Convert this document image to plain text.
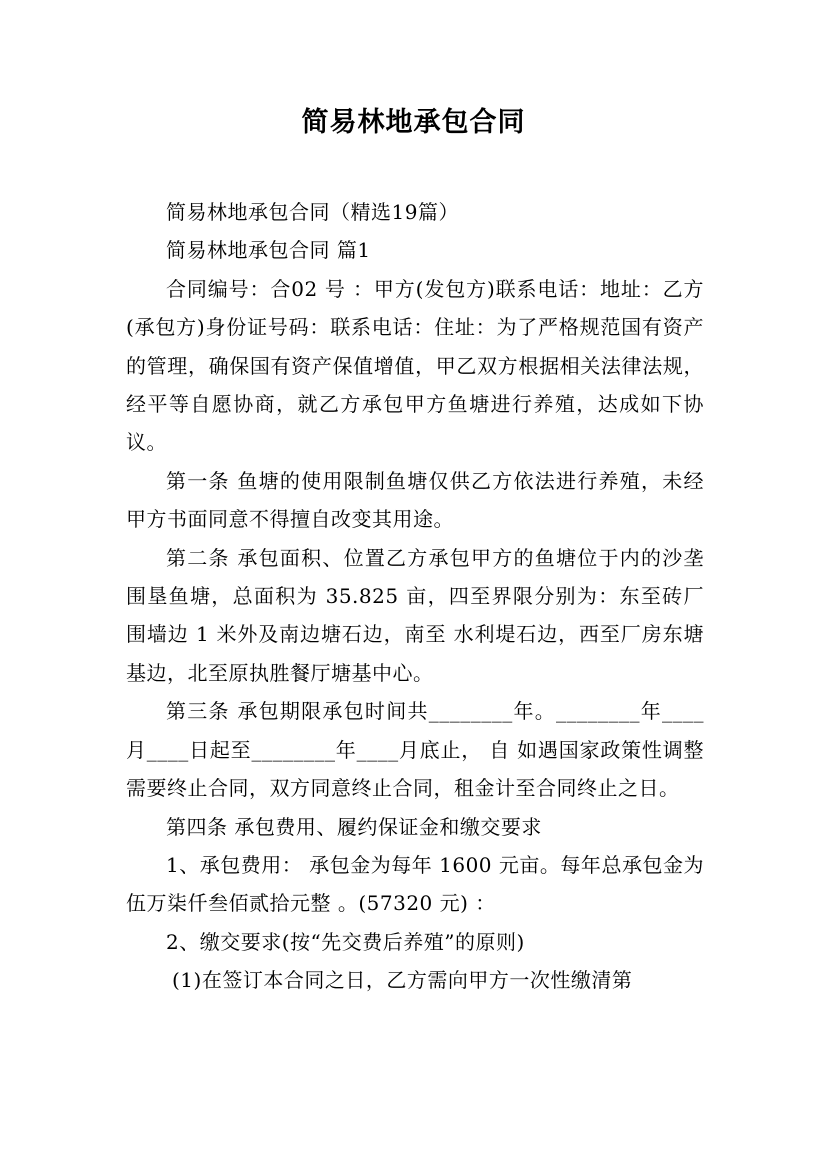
简易林地承包合同

简易林地承包合同（精选19篇）

简易林地承包合同 篇1

合同编号：合02 号 ：甲方(发包方)联系电话：地址：乙方(承包方)身份证号码：联系电话：住址：为了严格规范国有资产的管理，确保国有资产保值增值，甲乙双方根据相关法律法规，经平等自愿协商，就乙方承包甲方鱼塘进行养殖，达成如下协议。

第一条 鱼塘的使用限制鱼塘仅供乙方依法进行养殖，未经甲方书面同意不得擅自改变其用途。

第二条 承包面积、位置乙方承包甲方的鱼塘位于内的沙垄围垦鱼塘，总面积为 35.825 亩，四至界限分别为：东至砖厂围墙边 1 米外及南边塘石边，南至 水利堤石边，西至厂房东塘基边，北至原执胜餐厅塘基中心。

第三条 承包期限承包时间共________年。________年____月____日起至________年____月底止， 自 如遇国家政策性调整需要终止合同，双方同意终止合同，租金计至合同终止之日。

第四条 承包费用、履约保证金和缴交要求

1、承包费用： 承包金为每年 1600 元亩。每年总承包金为伍万柒仟叁佰贰拾元整 。(57320 元) ：

2、缴交要求(按“先交费后养殖”的原则)

(1)在签订本合同之日，乙方需向甲方一次性缴清第
